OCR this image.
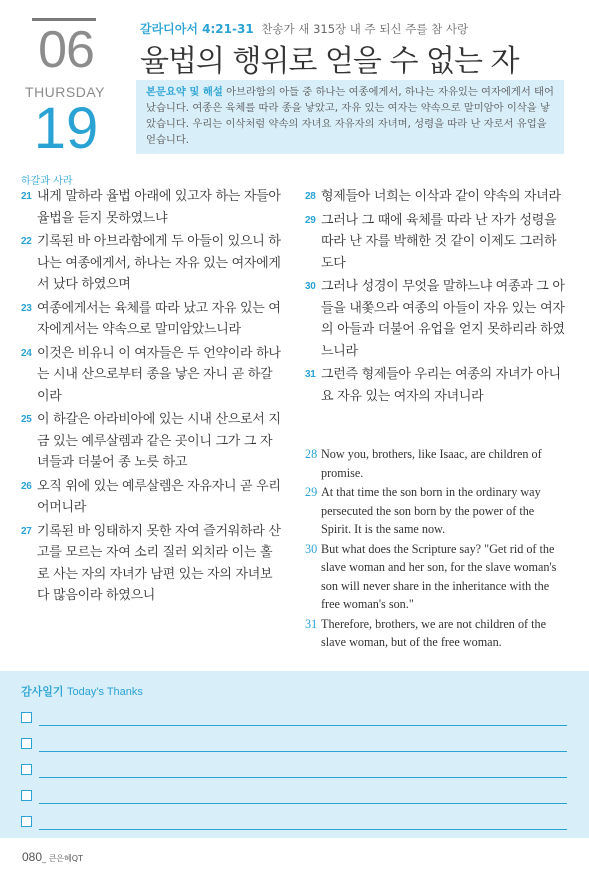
06
THURSDAY
19
갈라디아서 4:21-31 찬송가 새 315장 내 주 되신 주를 참 사랑
율법의 행위로 얻을 수 없는 자
본문요약 및 해설 아브라함의 아들 중 하나는 여종에게서, 하나는 자유있는 여자에게서 태어났습니다. 여종은 육체를 따라 종을 낳았고, 자유 있는 여자는 약속으로 말미암아 이삭을 낳았습니다. 우리는 이삭처럼 약속의 자녀요 자유자의 자녀며, 성령을 따라 난 자로서 유업을 얻습니다.
하갈과 사라
21 내게 말하라 율법 아래에 있고자 하는 자들아 율법을 듣지 못하였느냐
22 기록된 바 아브라함에게 두 아들이 있으니 하나는 여종에게서, 하나는 자유 있는 여자에게서 났다 하였으며
23 여종에게서는 육체를 따라 났고 자유 있는 여자에게서는 약속으로 말미암았느니라
24 이것은 비유니 이 여자들은 두 언약이라 하나는 시내 산으로부터 종을 낳은 자니 곧 하갈이라
25 이 하갈은 아라비아에 있는 시내 산으로서 지금 있는 예루살렘과 같은 곳이니 그가 그 자녀들과 더불어 종 노릇 하고
26 오직 위에 있는 예루살렘은 자유자니 곧 우리 어머니라
27 기록된 바 잉태하지 못한 자여 즐거워하라 산고를 모르는 자여 소리 질러 외치라 이는 홀로 사는 자의 자녀가 남편 있는 자의 자녀보다 많음이라 하였으니
28 형제들아 너희는 이삭과 같이 약속의 자녀라
29 그러나 그 때에 육체를 따라 난 자가 성령을 따라 난 자를 박해한 것 같이 이제도 그러하도다
30 그러나 성경이 무엇을 말하느냐 여종과 그 아들을 내쫓으라 여종의 아들이 자유 있는 여자의 아들과 더불어 유업을 얻지 못하리라 하였느니라
31 그런즉 형제들아 우리는 여종의 자녀가 아니요 자유 있는 여자의 자녀니라
28 Now you, brothers, like Isaac, are children of promise.
29 At that time the son born in the ordinary way persecuted the son born by the power of the Spirit. It is the same now.
30 But what does the Scripture say? "Get rid of the slave woman and her son, for the slave woman's son will never share in the inheritance with the free woman's son."
31 Therefore, brothers, we are not children of the slave woman, but of the free woman.
감사일기 Today's Thanks
080_ 큰은혜QT
